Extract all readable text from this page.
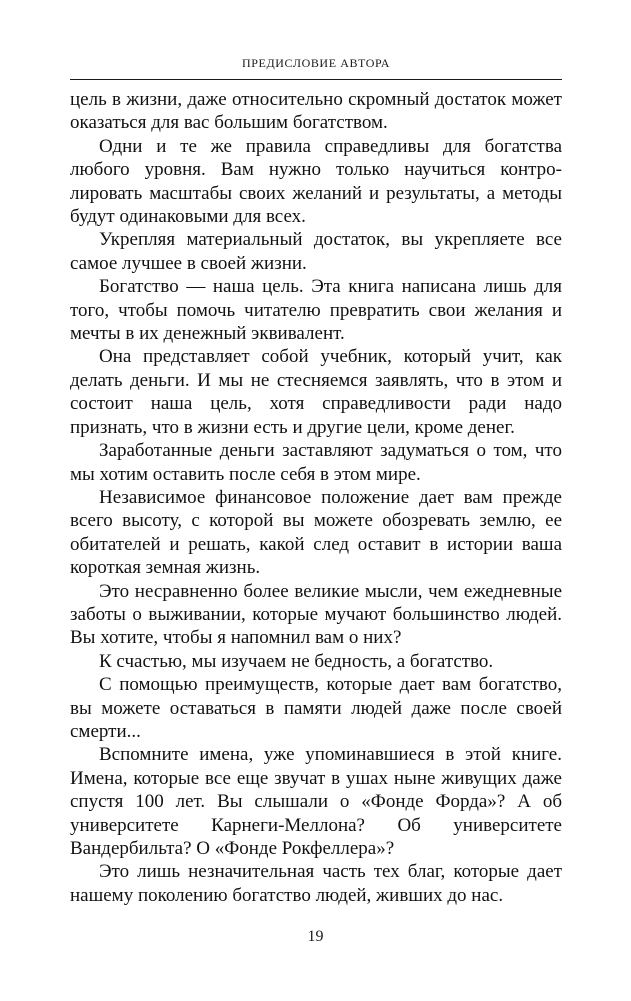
ПРЕДИСЛОВИЕ АВТОРА

цель в жизни, даже относительно скромный достаток может оказаться для вас большим богатством.

Одни и те же правила справедливы для богатства любого уровня. Вам нужно только научиться контролировать масштабы своих желаний и результаты, а методы будут одинаковыми для всех.

Укрепляя материальный достаток, вы укрепляете все самое лучшее в своей жизни.

Богатство — наша цель. Эта книга написана лишь для того, чтобы помочь читателю превратить свои желания и мечты в их денежный эквивалент.

Она представляет собой учебник, который учит, как делать деньги. И мы не стесняемся заявлять, что в этом и состоит наша цель, хотя справедливости ради надо признать, что в жизни есть и другие цели, кроме денег.

Заработанные деньги заставляют задуматься о том, что мы хотим оставить после себя в этом мире.

Независимое финансовое положение дает вам прежде всего высоту, с которой вы можете обозревать землю, ее обитателей и решать, какой след оставит в истории ваша короткая земная жизнь.

Это несравненно более великие мысли, чем ежедневные заботы о выживании, которые мучают большинство людей. Вы хотите, чтобы я напомнил вам о них?

К счастью, мы изучаем не бедность, а богатство.

С помощью преимуществ, которые дает вам богатство, вы можете оставаться в памяти людей даже после своей смерти...

Вспомните имена, уже упоминавшиеся в этой книге. Имена, которые все еще звучат в ушах ныне живущих даже спустя 100 лет. Вы слышали о «Фонде Форда»? А об университете Карнеги-Меллона? Об университете Вандербильта? О «Фонде Рокфеллера»?

Это лишь незначительная часть тех благ, которые дает нашему поколению богатство людей, живших до нас.

19
